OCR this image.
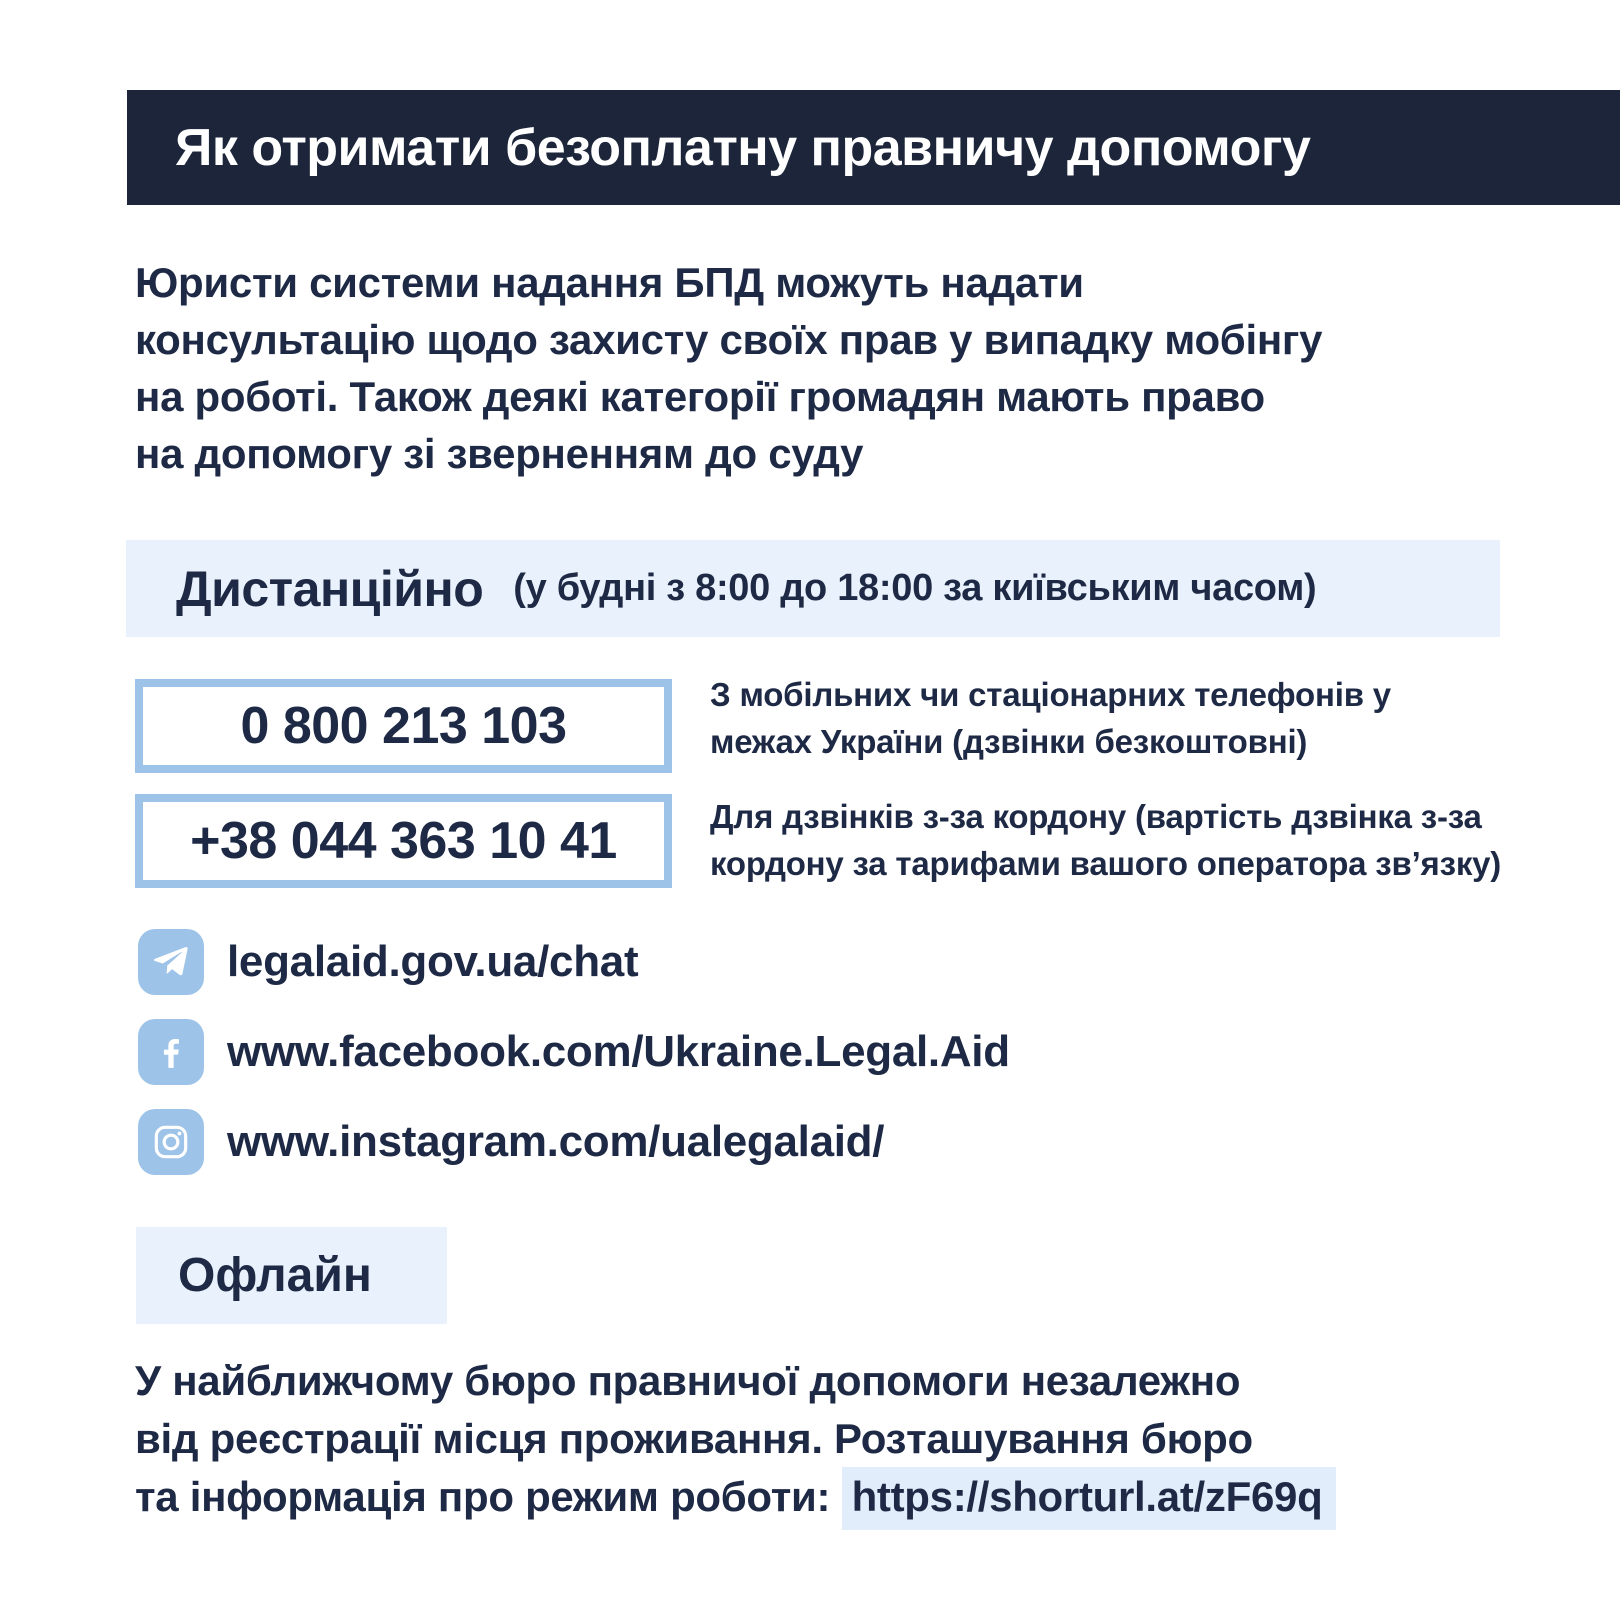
Як отримати безоплатну правничу допомогу
Юристи системи надання БПД можуть надати
консультацію щодо захисту своїх прав у випадку мобінгу
на роботі. Також деякі категорії громадян мають право
на допомогу зі зверненням до суду
Дистанційно (у будні з 8:00 до 18:00 за київським часом)
0 800 213 103
З мобільних чи стаціонарних телефонів у
межах України (дзвінки безкоштовні)
+38 044 363 10 41	Для дзвінків з-за кордону (вартість дзвінка з-за
кордону за тарифами вашого оператора зв’язку)
legalaid.gov.ua/chat
www.facebook.com/Ukraine.Legal.Aid
www.instagram.com/ualegalaid/
Офлайн
У найближчому бюро правничої допомоги незалежно
від реєстрації місця проживання. Розташування бюро
та інформація про режим роботи: https://shorturl.at/zF69q
